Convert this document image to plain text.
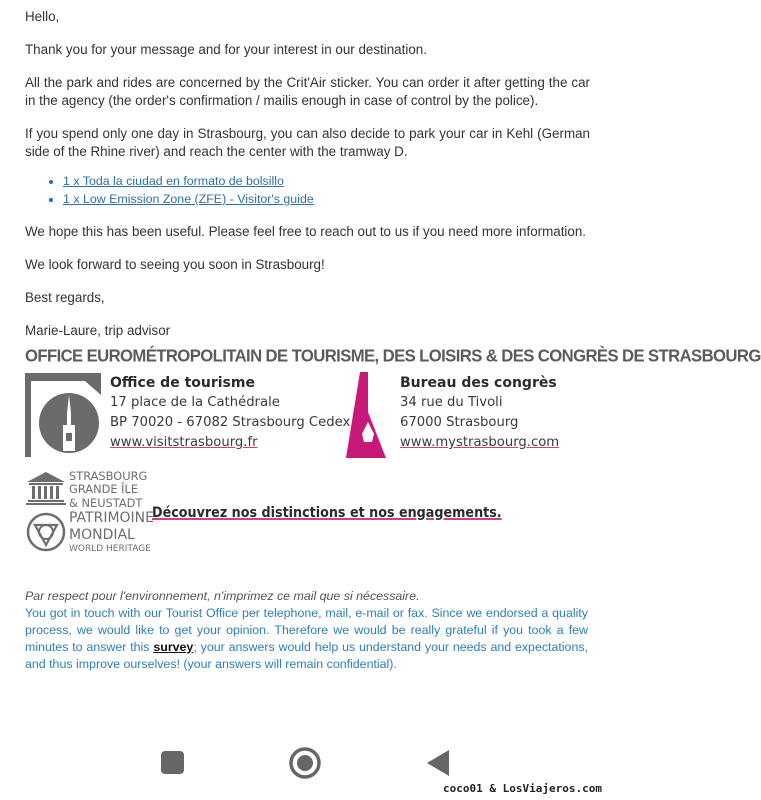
Hello,

Thank you for your message and for your interest in our destination.

All the park and rides are concerned by the Crit'Air sticker. You can order it after getting the car in the agency (the order's confirmation / mailis enough in case of control by the police).

If you spend only one day in Strasbourg, you can also decide to park your car in Kehl (German side of the Rhine river) and reach the center with the tramway D.

• 1 x Toda la ciudad en formato de bolsillo
• 1 x Low Emission Zone (ZFE) - Visitor's guide

We hope this has been useful. Please feel free to reach out to us if you need more information.

We look forward to seeing you soon in Strasbourg!

Best regards,

Marie-Laure, trip advisor

OFFICE EUROMÉTROPOLITAIN DE TOURISME, DES LOISIRS & DES CONGRÈS DE STRASBOURG
Office de tourisme
17 place de la Cathédrale
BP 70020 - 67082 Strasbourg Cedex
www.visitstrasbourg.fr
Bureau des congrès
34 rue du Tivoli
67000 Strasbourg
www.mystrasbourg.com
STRASBOURG
GRANDE ÎLE
& NEUSTADT
PATRIMOINE
MONDIAL
WORLD HERITAGE
Découvrez nos distinctions et nos engagements.

Par respect pour l'environnement, n'imprimez ce mail que si nécessaire.

You got in touch with our Tourist Office per telephone, mail, e-mail or fax. Since we endorsed a quality process, we would like to get your opinion. Therefore we would be really grateful if you took a few minutes to answer this survey; your answers would help us understand your needs and expectations, and thus improve ourselves! (your answers will remain confidential).

coco01 & LosViajeros.com
